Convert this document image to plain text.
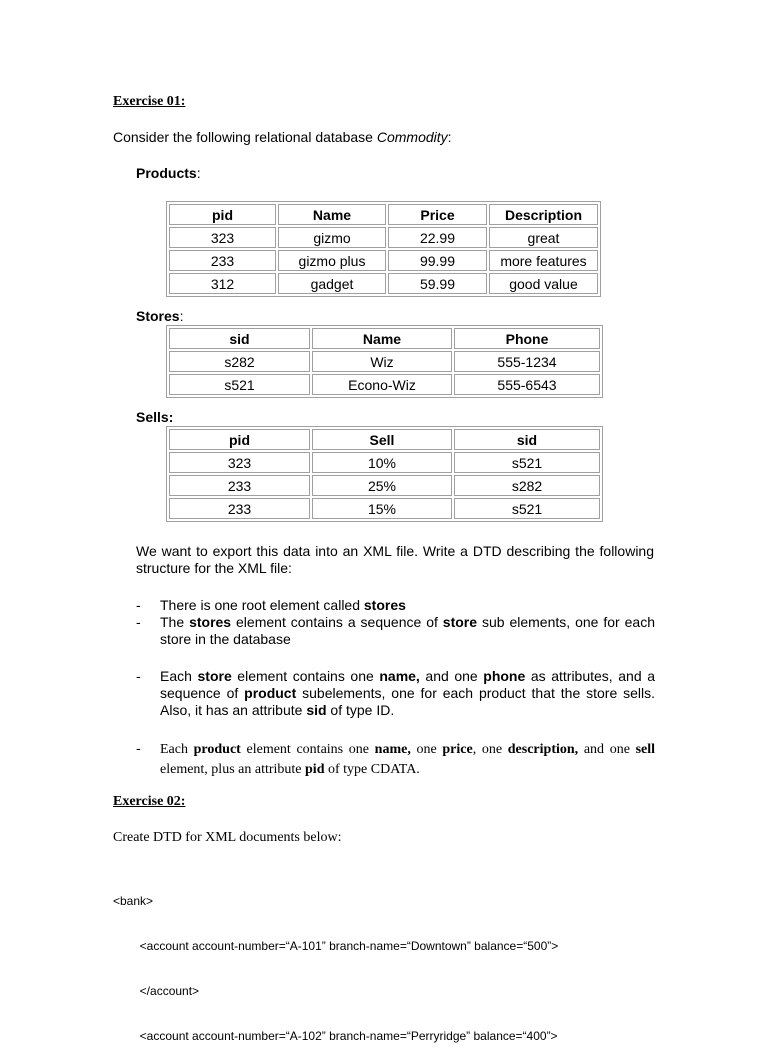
Exercise 01:
Consider the following relational database Commodity:
Products:
pid	Name	Price	Description
323	gizmo	22.99	great
233	gizmo plus	99.99	more features
312	gadget	59.99	good value
Stores:
sid	Name	Phone
s282	Wiz	555-1234
s521	Econo-Wiz	555-6543
Sells:
pid	Sell	sid
323	10%	s521
233	25%	s282
233	15%	s521
We want to export this data into an XML file. Write a DTD describing the following structure for the XML file:
- There is one root element called stores
- The stores element contains a sequence of store sub elements, one for each store in the database
- Each store element contains one name, and one phone as attributes, and a sequence of product subelements, one for each product that the store sells. Also, it has an attribute sid of type ID.
- Each product element contains one name, one price, one description, and one sell element, plus an attribute pid of type CDATA.
Exercise 02:
Create DTD for XML documents below:

<bank>

<account account-number=“A-101” branch-name=“Downtown” balance=“500”>

</account>

<account account-number=“A-102” branch-name=“Perryridge” balance=“400”>
